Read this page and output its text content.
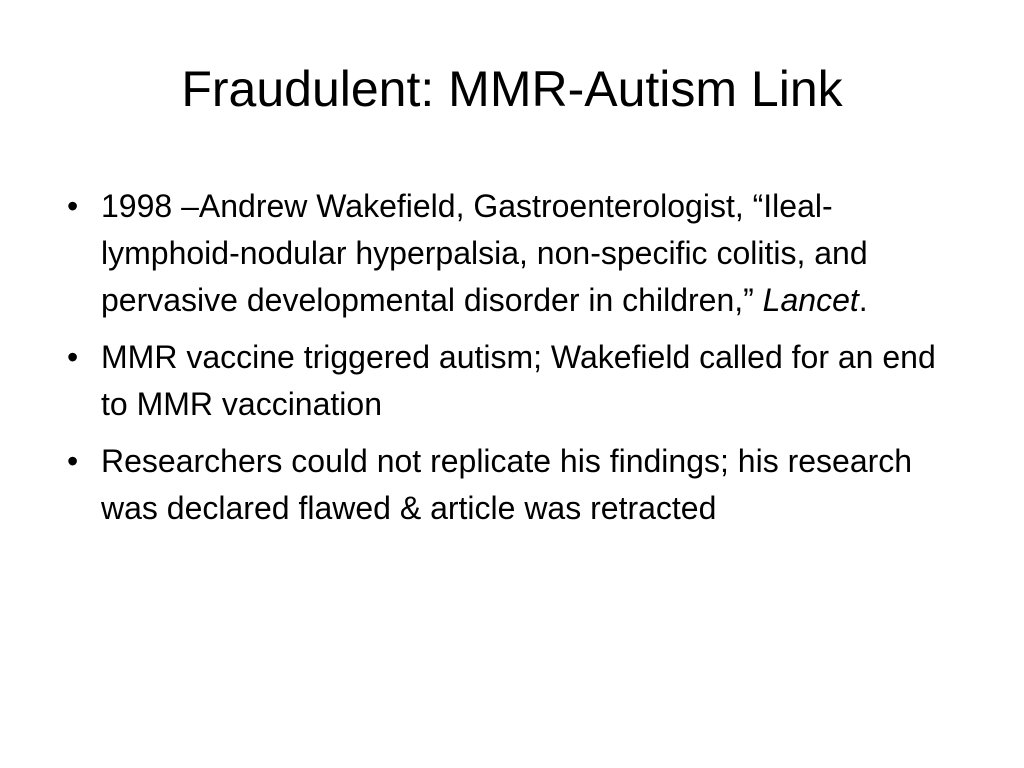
Fraudulent: MMR-Autism Link
• 1998 –Andrew Wakefield, Gastroenterologist, “Ileal-lymphoid-nodular hyperpalsia, non-specific colitis, and pervasive developmental disorder in children,” Lancet.
• MMR vaccine triggered autism; Wakefield called for an end to MMR vaccination
• Researchers could not replicate his findings; his research was declared flawed & article was retracted
